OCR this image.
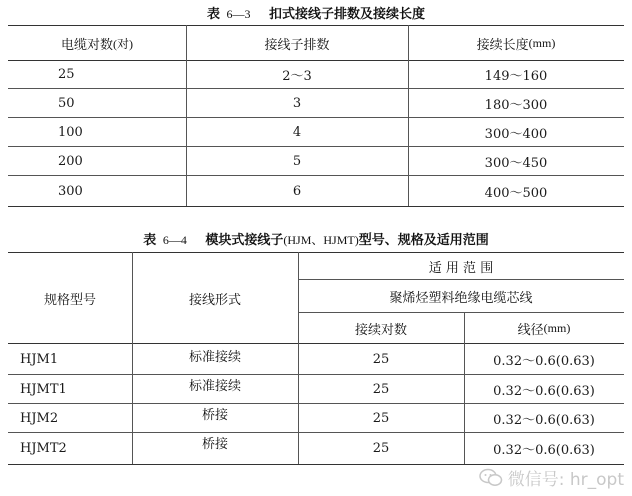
表 6—3 扣式接线子排数及接续长度
电缆对数 (对)	接线子排数	接续长度 (mm)
25	2～3	149～160
50	3	180～300
100	4	300～400
200	5	300～450
300	6	400～500
表 6—4 模块式接线子(HJM、HJMT)型号、规格及适用范围
规格型号	接线形式
适 用 范 围
聚烯烃塑料绝缘电缆芯线
接续对数	线径 (mm)
HJM1	标准接续	25	0.32～0.6(0.63)
HJMT1	标准接续	25	0.32～0.6(0.63)
HJM2	桥接	25	0.32～0.6(0.63)
HJMT2	桥接	25	0.32～0.6(0.63)
微信号: hr_opt
